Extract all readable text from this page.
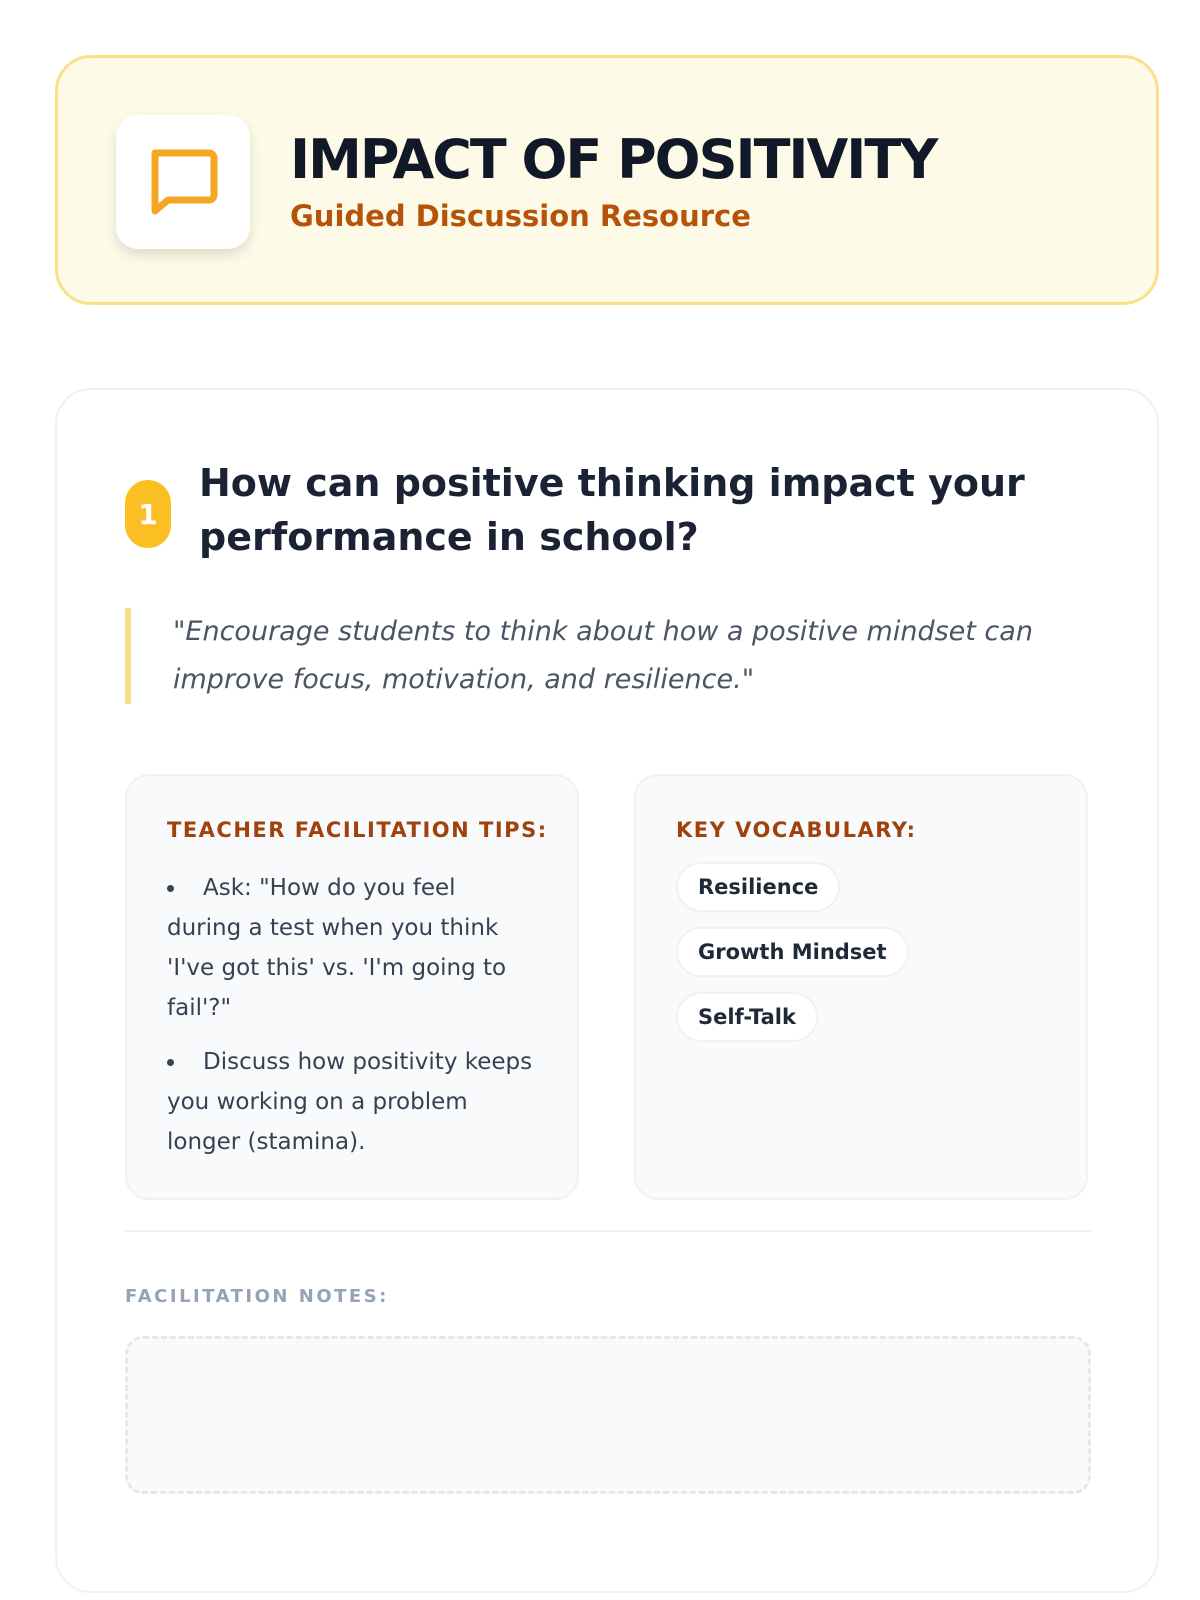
IMPACT OF POSITIVITY
Guided Discussion Resource
1
How can positive thinking impact your performance in school?
"Encourage students to think about how a positive mindset can improve focus, motivation, and resilience."
TEACHER FACILITATION TIPS:
Ask: "How do you feel during a test when you think 'I've got this' vs. 'I'm going to fail'?"
Discuss how positivity keeps you working on a problem longer (stamina).
KEY VOCABULARY:
Resilience
Growth Mindset
Self-Talk
FACILITATION NOTES:
